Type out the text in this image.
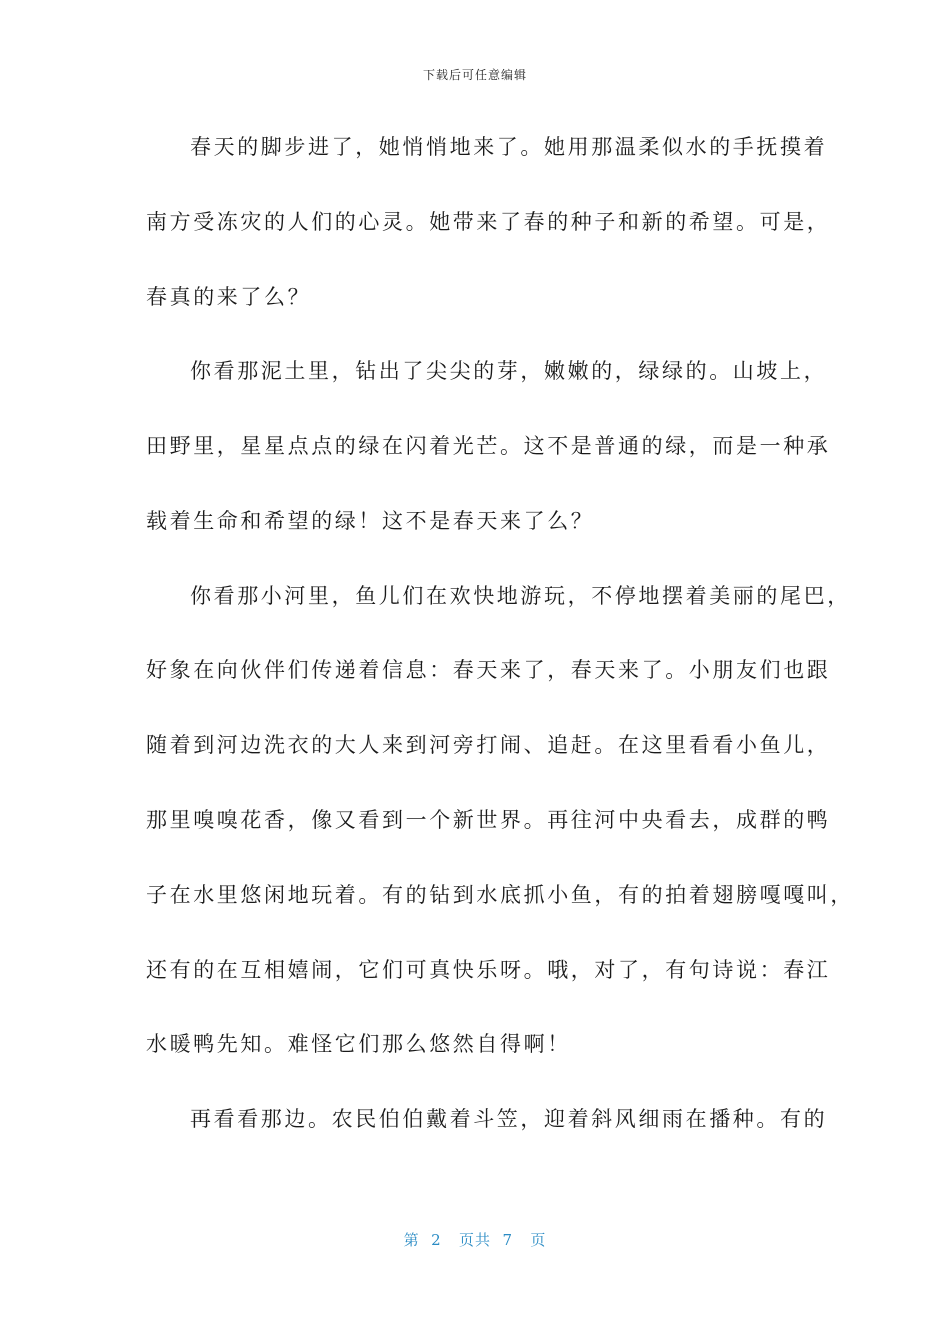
下载后可任意编辑
春天的脚步进了，她悄悄地来了。她用那温柔似水的手抚摸着
南方受冻灾的人们的心灵。她带来了春的种子和新的希望。可是，
春真的来了么？
你看那泥土里，钻出了尖尖的芽，嫩嫩的，绿绿的。山坡上，
田野里，星星点点的绿在闪着光芒。这不是普通的绿，而是一种承
载着生命和希望的绿！这不是春天来了么？
你看那小河里，鱼儿们在欢快地游玩，不停地摆着美丽的尾巴，
好象在向伙伴们传递着信息：春天来了，春天来了。小朋友们也跟
随着到河边洗衣的大人来到河旁打闹、追赶。在这里看看小鱼儿，
那里嗅嗅花香，像又看到一个新世界。再往河中央看去，成群的鸭
子在水里悠闲地玩着。有的钻到水底抓小鱼，有的拍着翅膀嘎嘎叫，
还有的在互相嬉闹，它们可真快乐呀。哦，对了，有句诗说：春江
水暖鸭先知。难怪它们那么悠然自得啊！
再看看那边。农民伯伯戴着斗笠，迎着斜风细雨在播种。有的
第  2   页共  7   页
